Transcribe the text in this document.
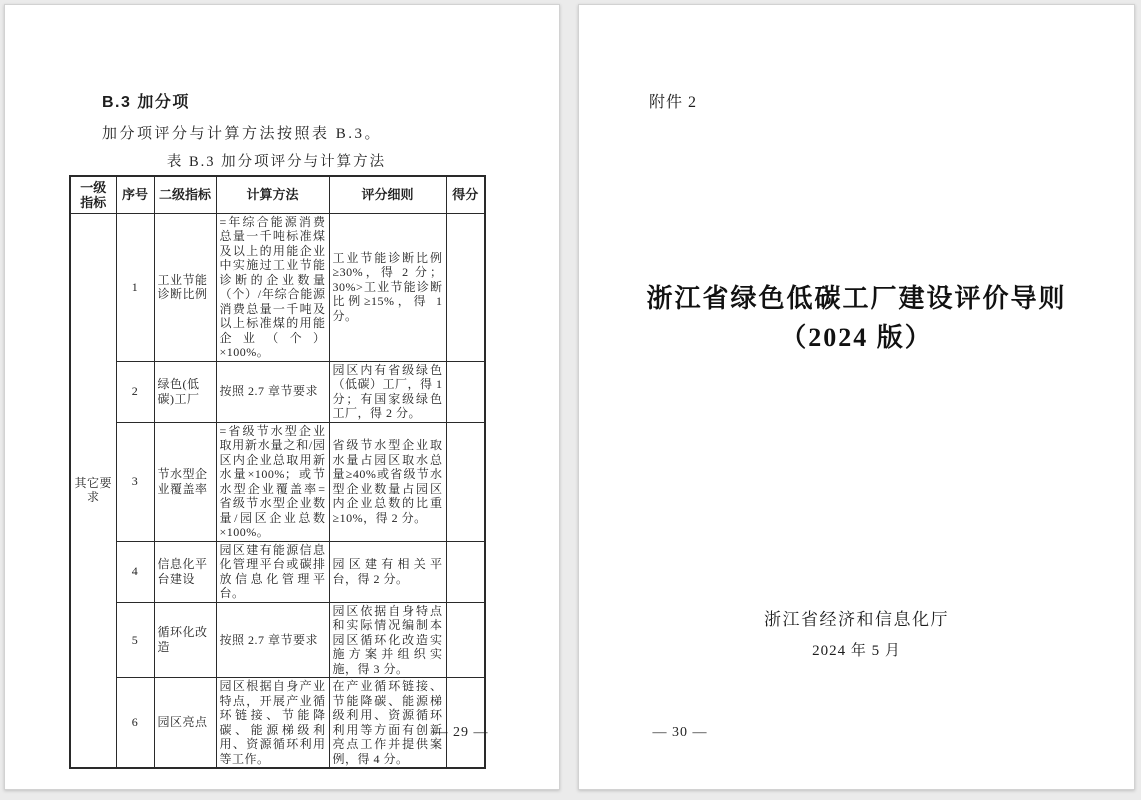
B.3 加分项

加分项评分与计算方法按照表 B.3。

表 B.3 加分项评分与计算方法

一级指标	序号	二级指标	计算方法	评分细则	得分
其它要求	1	工业节能诊断比例	=年综合能源消费总量一千吨标准煤及以上的用能企业中实施过工业节能诊断的企业数量（个）/年综合能源消费总量一千吨及以上标准煤的用能企业（个）×100%。	工业节能诊断比例≥30%，得 2 分；30%>工业节能诊断比例≥15%，得 1 分。	
	2	绿色(低碳)工厂	按照 2.7 章节要求	园区内有省级绿色（低碳）工厂，得 1 分；有国家级绿色工厂，得 2 分。	
	3	节水型企业覆盖率	=省级节水型企业取用新水量之和/园区内企业总取用新水量×100%；或节水型企业覆盖率=省级节水型企业数量/园区企业总数×100%。	省级节水型企业取水量占园区取水总量≥40%或省级节水型企业数量占园区内企业总数的比重≥10%，得 2 分。	
	4	信息化平台建设	园区建有能源信息化管理平台或碳排放信息化管理平台。	园区建有相关平台，得 2 分。	
	5	循环化改造	按照 2.7 章节要求	园区依据自身特点和实际情况编制本园区循环化改造实施方案并组织实施，得 3 分。	
	6	园区亮点	园区根据自身产业特点，开展产业循环链接、节能降碳、能源梯级利用、资源循环利用等工作。	在产业循环链接、节能降碳、能源梯级利用、资源循环利用等方面有创新亮点工作并提供案例，得 4 分。	
— 29 —
附件 2
浙江省绿色低碳工厂建设评价导则
（2024 版）
浙江省经济和信息化厅
2024 年 5 月
— 30 —
